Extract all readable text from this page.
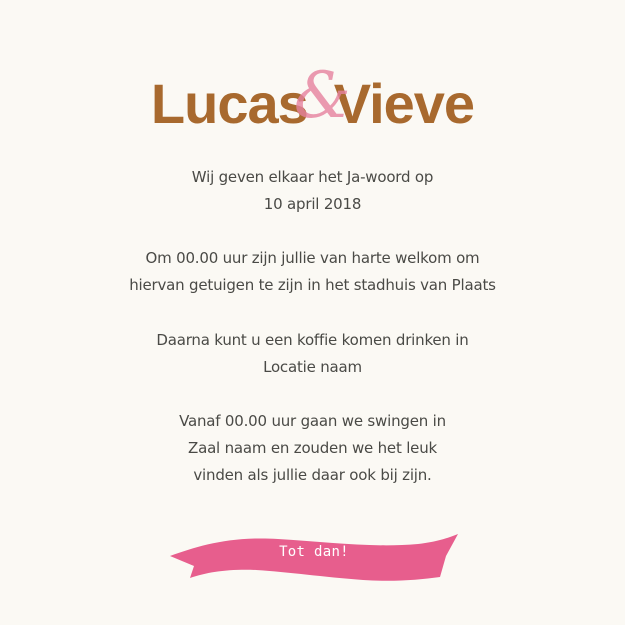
Lucas&Vieve
Wij geven elkaar het Ja-woord op
10 april 2018
Om 00.00 uur zijn jullie van harte welkom om
hiervan getuigen te zijn in het stadhuis van Plaats
Daarna kunt u een koffie komen drinken in
Locatie naam
Vanaf 00.00 uur gaan we swingen in
Zaal naam en zouden we het leuk
vinden als jullie daar ook bij zijn.
Tot dan!
